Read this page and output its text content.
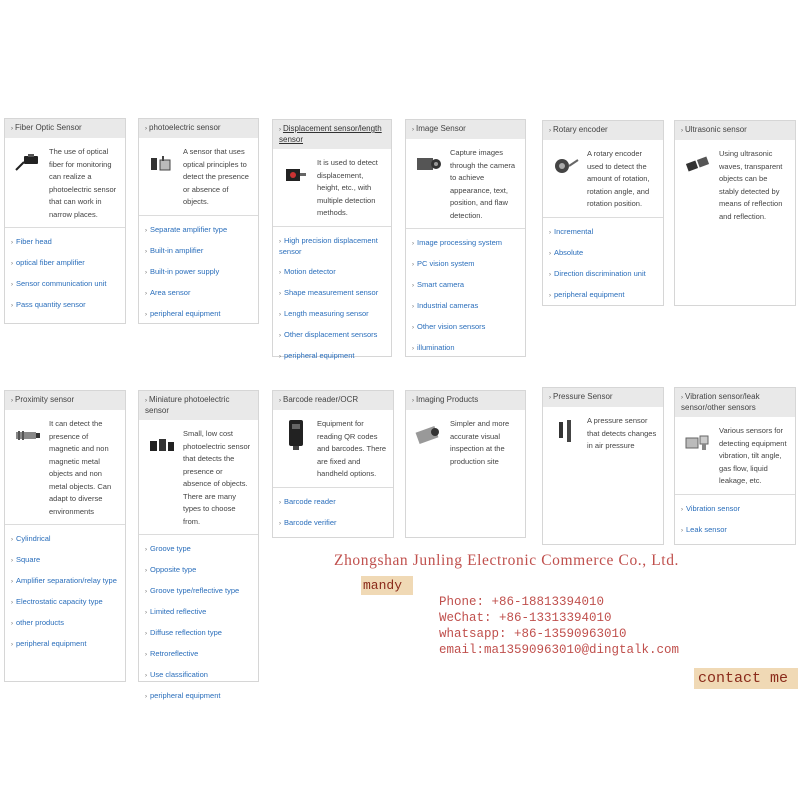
› Fiber Optic Sensor
The use of optical fiber for monitoring can realize a photoelectric sensor that can work in narrow places.
› Fiber head
› optical fiber amplifier
› Sensor communication unit
› Pass quantity sensor
› photoelectric sensor
A sensor that uses optical principles to detect the presence or absence of objects.
› Separate amplifier type
› Built-in amplifier
› Built-in power supply
› Area sensor
› peripheral equipment
› Displacement sensor/length sensor
It is used to detect displacement, height, etc., with multiple detection methods.
› High precision displacement sensor
› Motion detector
› Shape measurement sensor
› Length measuring sensor
› Other displacement sensors
› peripheral equipment
› Image Sensor
Capture images through the camera to achieve appearance, text, position, and flaw detection.
› Image processing system
› PC vision system
› Smart camera
› Industrial cameras
› Other vision sensors
› illumination
› Rotary encoder
A rotary encoder used to detect the amount of rotation, rotation angle, and rotation position.
› Incremental
› Absolute
› Direction discrimination unit
› peripheral equipment
› Ultrasonic sensor
Using ultrasonic waves, transparent objects can be stably detected by means of reflection and reflection.
› Proximity sensor
It can detect the presence of magnetic and non magnetic metal objects and non metal objects. Can adapt to diverse environments
› Cylindrical
› Square
› Amplifier separation/relay type
› Electrostatic capacity type
› other products
› peripheral equipment
› Miniature photoelectric sensor
Small, low cost photoelectric sensor that detects the presence or absence of objects. There are many types to choose from.
› Groove type
› Opposite type
› Groove type/reflective type
› Limited reflective
› Diffuse reflection type
› Retroreflective
› Use classification
› peripheral equipment
› Barcode reader/OCR
Equipment for reading QR codes and barcodes. There are fixed and handheld options.
› Barcode reader
› Barcode verifier
› Imaging Products
Simpler and more accurate visual inspection at the production site
› Pressure Sensor
A pressure sensor that detects changes in air pressure
› Vibration sensor/leak sensor/other sensors
Various sensors for detecting equipment vibration, tilt angle, gas flow, liquid leakage, etc.
› Vibration sensor
› Leak sensor
Zhongshan Junling Electronic Commerce Co., Ltd.
mandy
Phone: +86-18813394010
WeChat: +86-13313394010
whatsapp: +86-13590963010
email:ma13590963010@dingtalk.com
contact me
